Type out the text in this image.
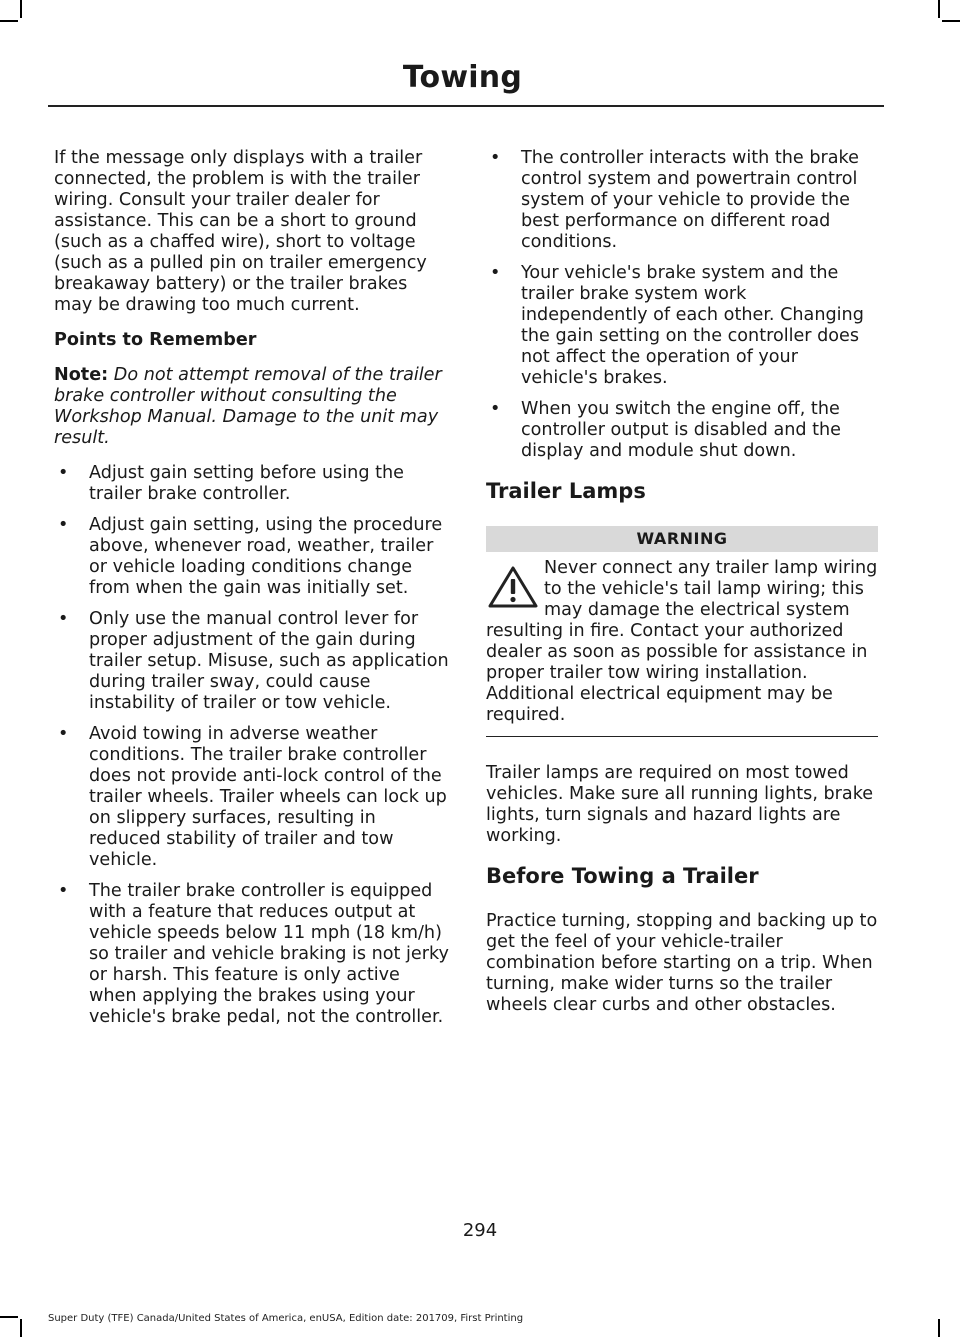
Towing

If the message only displays with a trailer connected, the problem is with the trailer wiring. Consult your trailer dealer for assistance. This can be a short to ground (such as a chaffed wire), short to voltage (such as a pulled pin on trailer emergency breakaway battery) or the trailer brakes may be drawing too much current.

Points to Remember

Note: Do not attempt removal of the trailer brake controller without consulting the Workshop Manual. Damage to the unit may result.

• Adjust gain setting before using the trailer brake controller.
• Adjust gain setting, using the procedure above, whenever road, weather, trailer or vehicle loading conditions change from when the gain was initially set.
• Only use the manual control lever for proper adjustment of the gain during trailer setup. Misuse, such as application during trailer sway, could cause instability of trailer or tow vehicle.
• Avoid towing in adverse weather conditions. The trailer brake controller does not provide anti-lock control of the trailer wheels. Trailer wheels can lock up on slippery surfaces, resulting in reduced stability of trailer and tow vehicle.
• The trailer brake controller is equipped with a feature that reduces output at vehicle speeds below 11 mph (18 km/h) so trailer and vehicle braking is not jerky or harsh. This feature is only active when applying the brakes using your vehicle's brake pedal, not the controller.
• The controller interacts with the brake control system and powertrain control system of your vehicle to provide the best performance on different road conditions.
• Your vehicle's brake system and the trailer brake system work independently of each other. Changing the gain setting on the controller does not affect the operation of your vehicle's brakes.
• When you switch the engine off, the controller output is disabled and the display and module shut down.
Trailer Lamps
WARNING
Never connect any trailer lamp wiring to the vehicle's tail lamp wiring; this may damage the electrical system resulting in fire. Contact your authorized dealer as soon as possible for assistance in proper trailer tow wiring installation. Additional electrical equipment may be required.

Trailer lamps are required on most towed vehicles. Make sure all running lights, brake lights, turn signals and hazard lights are working.

Before Towing a Trailer

Practice turning, stopping and backing up to get the feel of your vehicle-trailer combination before starting on a trip. When turning, make wider turns so the trailer wheels clear curbs and other obstacles.

294
Super Duty (TFE) Canada/United States of America, enUSA, Edition date: 201709, First Printing
